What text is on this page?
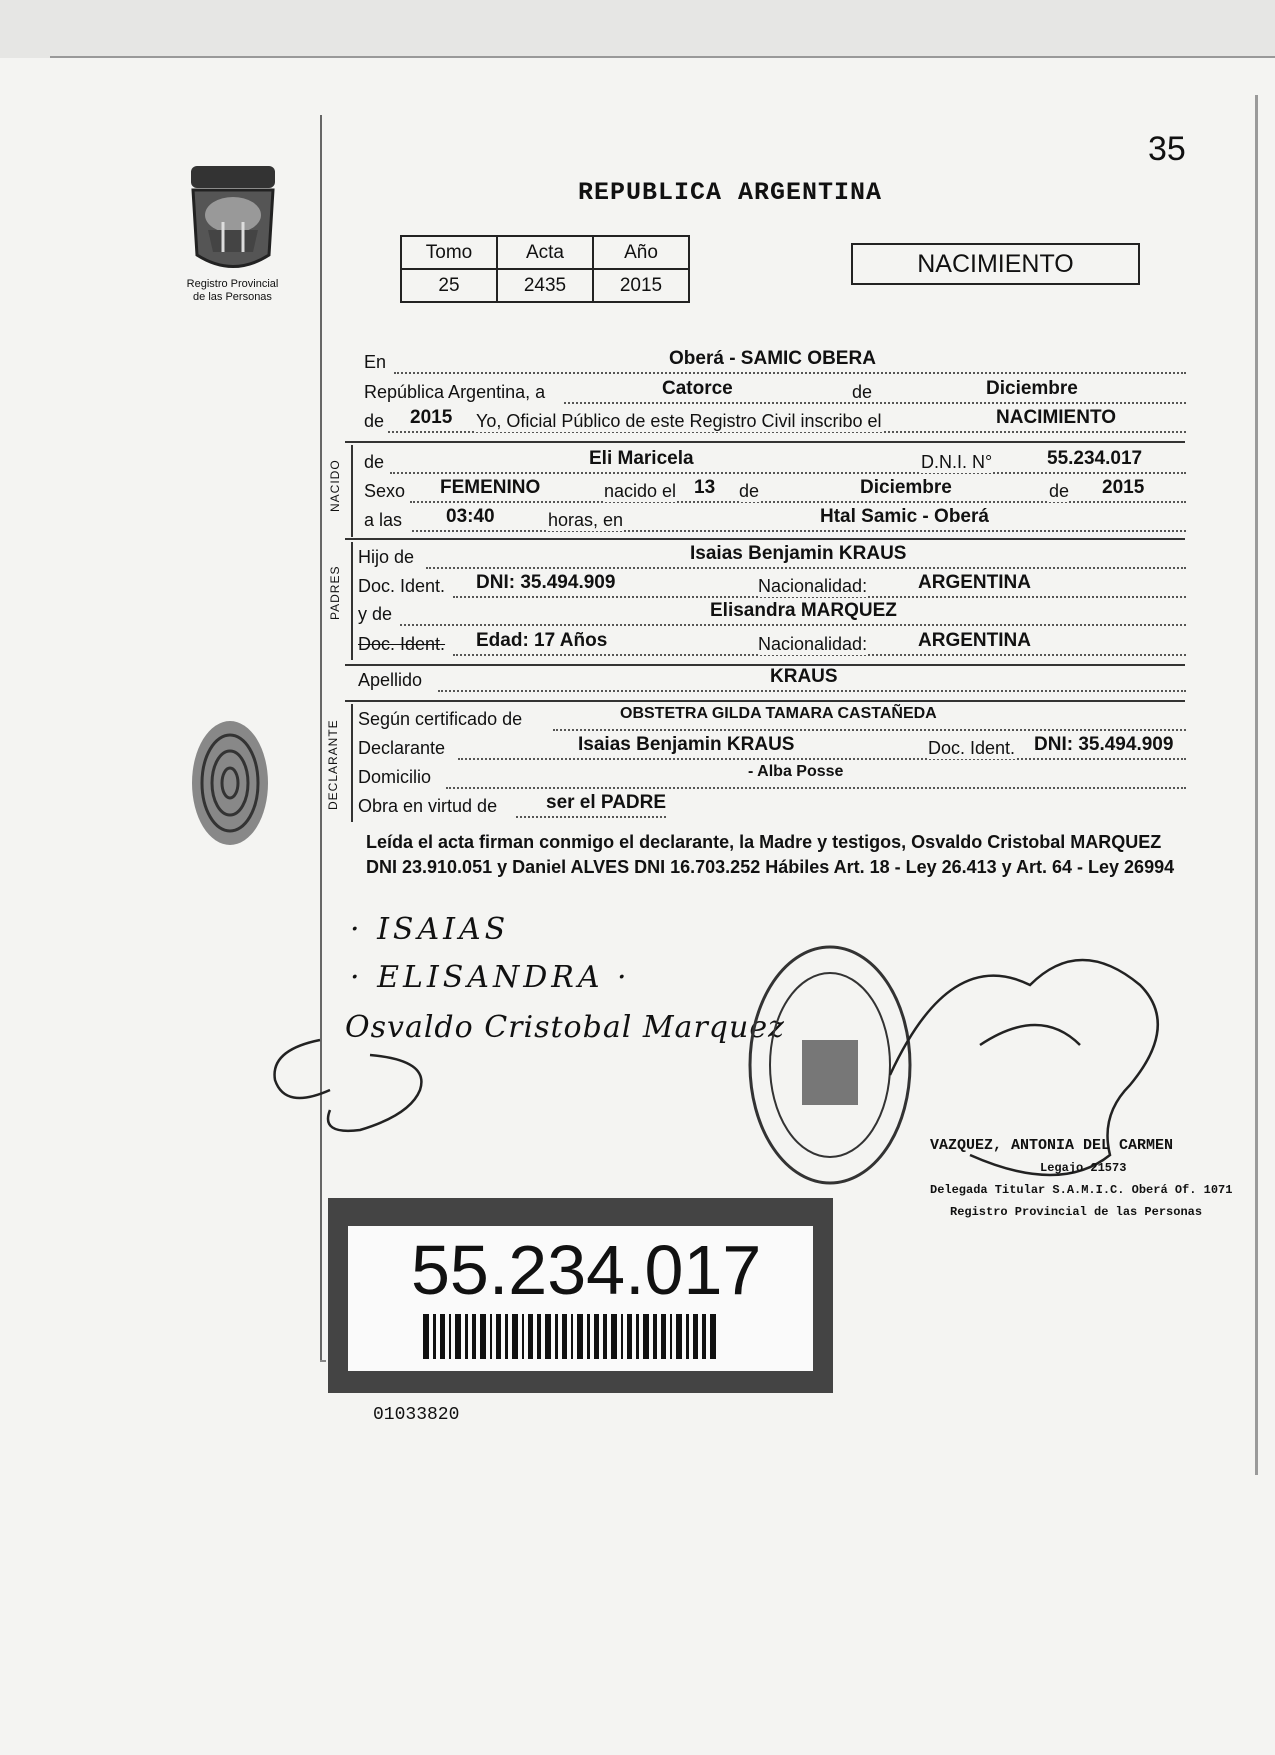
35
Registro Provincial
de las Personas
REPUBLICA ARGENTINA
Tomo	Acta	Año
25	2435	2015
NACIMIENTO
En	Oberá - SAMIC OBERA
República Argentina, a	Catorce	de	Diciembre
de 2015 Yo, Oficial Público de este Registro Civil inscribo el	NACIMIENTO
NACIDO de	Eli Maricela	D.N.I. N°	55.234.017
Sexo FEMENINO	nacido el 13 de	Diciembre	de 2015
a las 03:40	horas, en	Htal Samic - Oberá
PADRES
Hijo de	Isaias Benjamin KRAUS
Doc. Ident. DNI: 35.494.909	Nacionalidad:	ARGENTINA
y de	Elisandra MARQUEZ
Doc. Ident. Edad: 17 Años	Nacionalidad:	ARGENTINA
Apellido	KRAUS
DECLARANTE
Según certificado de	OBSTETRA GILDA TAMARA CASTAÑEDA
Declarante	Isaias Benjamin KRAUS	Doc. Ident. DNI: 35.494.909
Domicilio	- Alba Posse
Obra en virtud de	ser el PADRE
Leída el acta firman conmigo el declarante, la Madre y testigos, Osvaldo Cristobal MARQUEZ DNI 23.910.051 y Daniel ALVES DNI 16.703.252 Hábiles Art. 18 - Ley 26.413 y Art. 64 - Ley 26994
· ISAIAS
· ELISANDRA ·
Osvaldo Cristobal Marquez
VAZQUEZ, ANTONIA DEL CARMEN
Legajo 21573
Delegada Titular S.A.M.I.C. Oberá Of. 1071
Registro Provincial de las Personas
55.234.017
01033820
